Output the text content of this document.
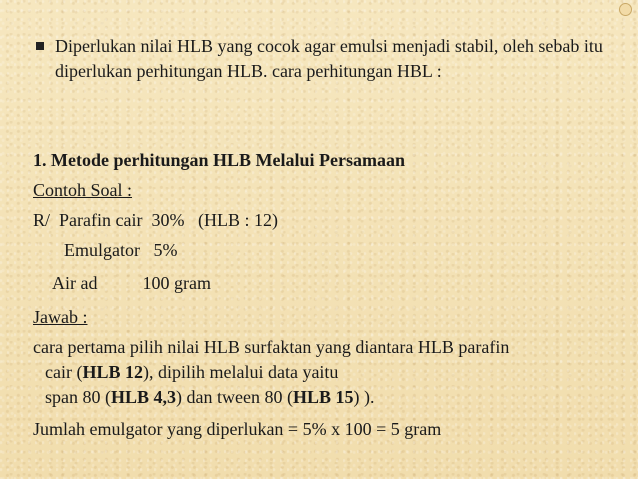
Diperlukan nilai HLB yang cocok agar emulsi menjadi stabil, oleh sebab itu diperlukan perhitungan HLB. cara perhitungan HBL :
1. Metode perhitungan HLB Melalui Persamaan
Contoh Soal :
R/  Parafin cair  30%   (HLB : 12)
Emulgator   5%
Air ad          100 gram
Jawab :
cara pertama pilih nilai HLB surfaktan yang diantara HLB parafin
cair (HLB 12), dipilih melalui data yaitu
span 80 (HLB 4,3) dan tween 80 (HLB 15) ).
Jumlah emulgator yang diperlukan = 5% x 100 = 5 gram
